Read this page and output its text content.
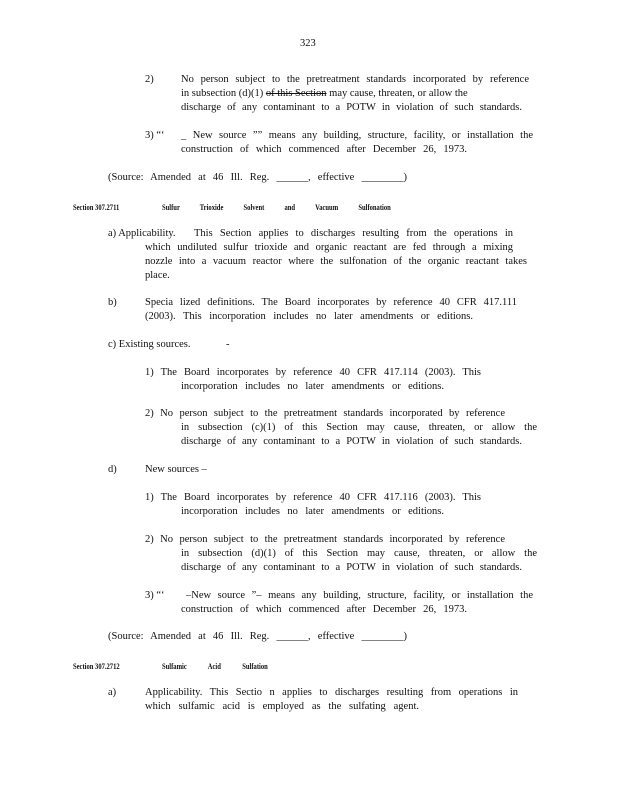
323
2)	No person subject to the pretreatment standards incorporated by reference
in subsection (d)(1) of this Section may cause, threaten, or allow the
discharge of any contaminant to a POTW in violation of such standards.
3) “‘ _ New source ”” means any building, structure, facility, or installation the
construction of which commenced after December 26, 1973.
(Source: Amended at 46 Ill. Reg. ______, effective ________)
Section 307.2711	Sulfur Trioxide Solvent and Vacuum Sulfonation
a) Applicability. This Section applies to discharges resulting from the operations in
which undiluted sulfur trioxide and organic reactant are fed through a mixing
nozzle into a vacuum reactor where the sulfonation of the organic reactant takes
place.
b)	Specia lized definitions. The Board incorporates by reference 40 CFR 417.111
(2003). This incorporation includes no later amendments or editions.
c) Existing sources.	-
1) The Board incorporates by reference 40 CFR 417.114 (2003). This
incorporation includes no later amendments or editions.
2) No person subject to the pretreatment standards incorporated by reference
in subsection (c)(1) of this Section may cause, threaten, or allow the
discharge of any contaminant to a POTW in violation of such standards.
d)	New sources –
1) The Board incorporates by reference 40 CFR 417.116 (2003). This
incorporation includes no later amendments or editions.
2) No person subject to the pretreatment standards incorporated by reference
in subsection (d)(1) of this Section may cause, threaten, or allow the
discharge of any contaminant to a POTW in violation of such standards.
3) “‘ –New source ”– means any building, structure, facility, or installation the
construction of which commenced after December 26, 1973.
(Source: Amended at 46 Ill. Reg. ______, effective ________)
Section 307.2712	Sulfamic Acid Sulfation
a)	Applicability. This Sectio n applies to discharges resulting from operations in
which sulfamic acid is employed as the sulfating agent.
